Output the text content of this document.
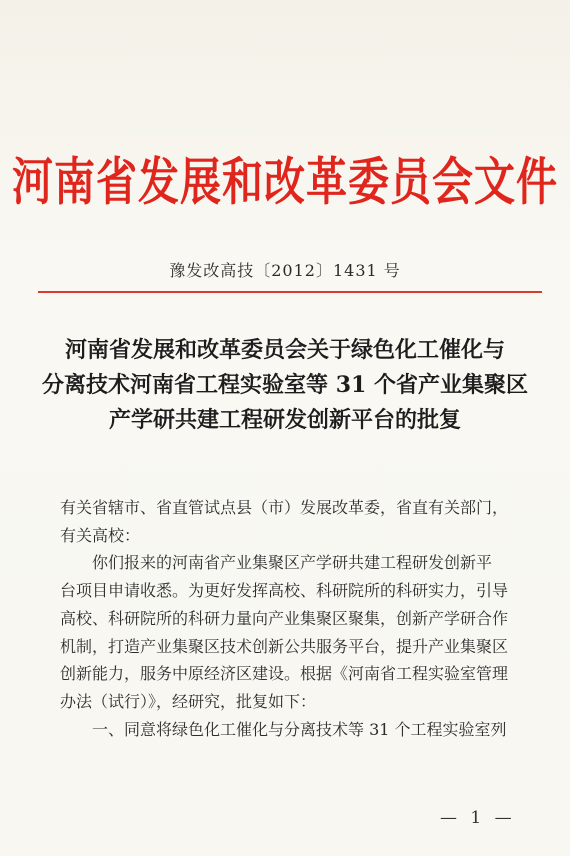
河南省发展和改革委员会文件
豫发改高技〔2012〕1431 号
河南省发展和改革委员会关于绿色化工催化与
分离技术河南省工程实验室等 31 个省产业集聚区
产学研共建工程研发创新平台的批复
有关省辖市、省直管试点县（市）发展改革委，省直有关部门，
有关高校：
你们报来的河南省产业集聚区产学研共建工程研发创新平
台项目申请收悉。为更好发挥高校、科研院所的科研实力，引导
高校、科研院所的科研力量向产业集聚区聚集，创新产学研合作
机制，打造产业集聚区技术创新公共服务平台，提升产业集聚区
创新能力，服务中原经济区建设。根据《河南省工程实验室管理
办法（试行）》，经研究，批复如下：
一、同意将绿色化工催化与分离技术等 31 个工程实验室列
— 1 —
